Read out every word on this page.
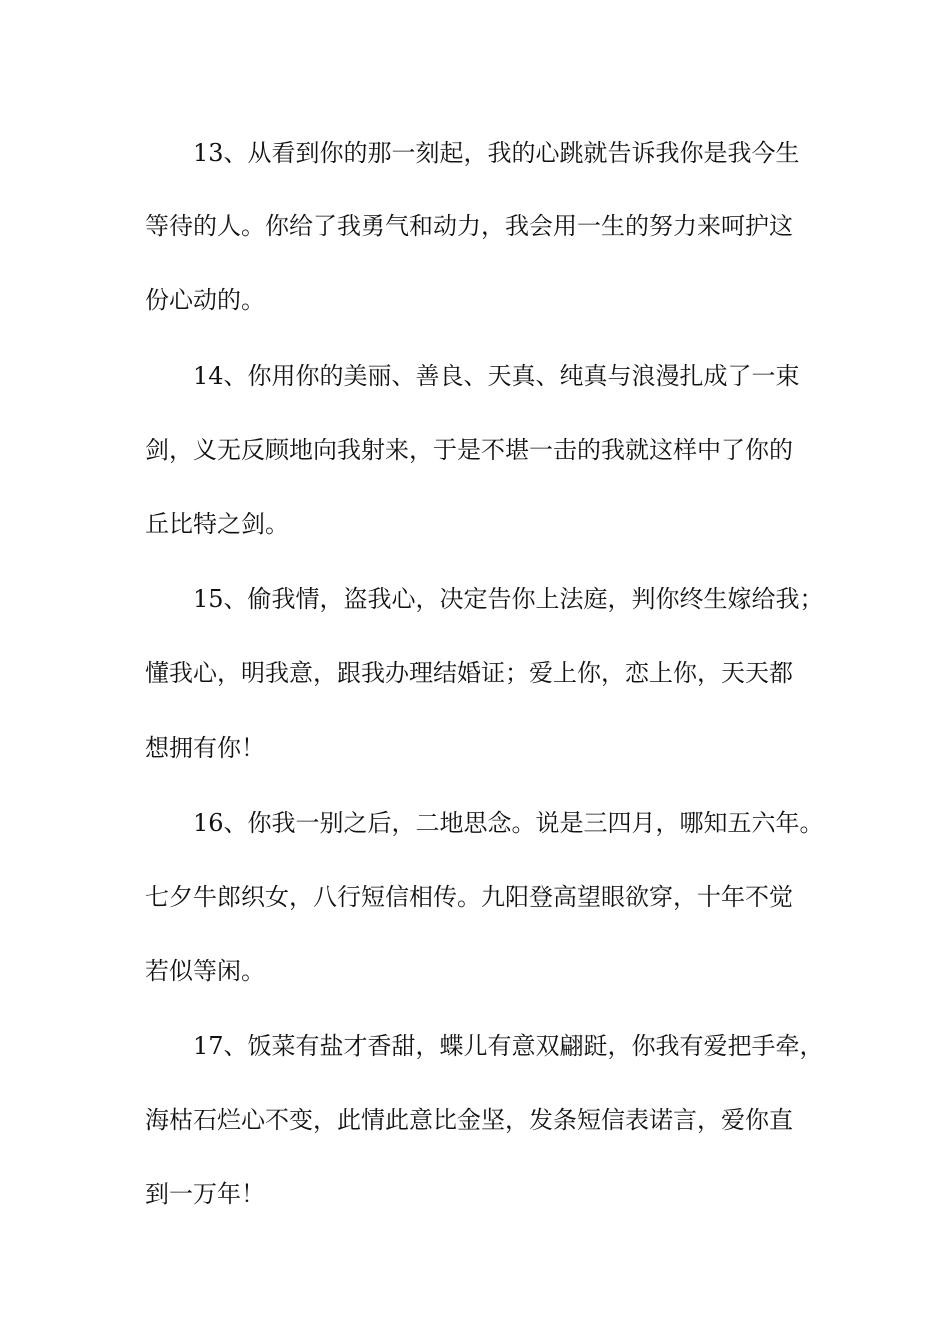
13、从看到你的那一刻起，我的心跳就告诉我你是我今生
等待的人。你给了我勇气和动力，我会用一生的努力来呵护这
份心动的。
14、你用你的美丽、善良、天真、纯真与浪漫扎成了一束
剑，义无反顾地向我射来，于是不堪一击的我就这样中了你的
丘比特之剑。
15、偷我情，盗我心，决定告你上法庭，判你终生嫁给我；
懂我心，明我意，跟我办理结婚证；爱上你，恋上你，天天都
想拥有你！
16、你我一别之后，二地思念。说是三四月，哪知五六年。
七夕牛郎织女，八行短信相传。九阳登高望眼欲穿，十年不觉
若似等闲。
17、饭菜有盐才香甜，蝶儿有意双翩跹，你我有爱把手牵，
海枯石烂心不变，此情此意比金坚，发条短信表诺言，爱你直
到一万年！
